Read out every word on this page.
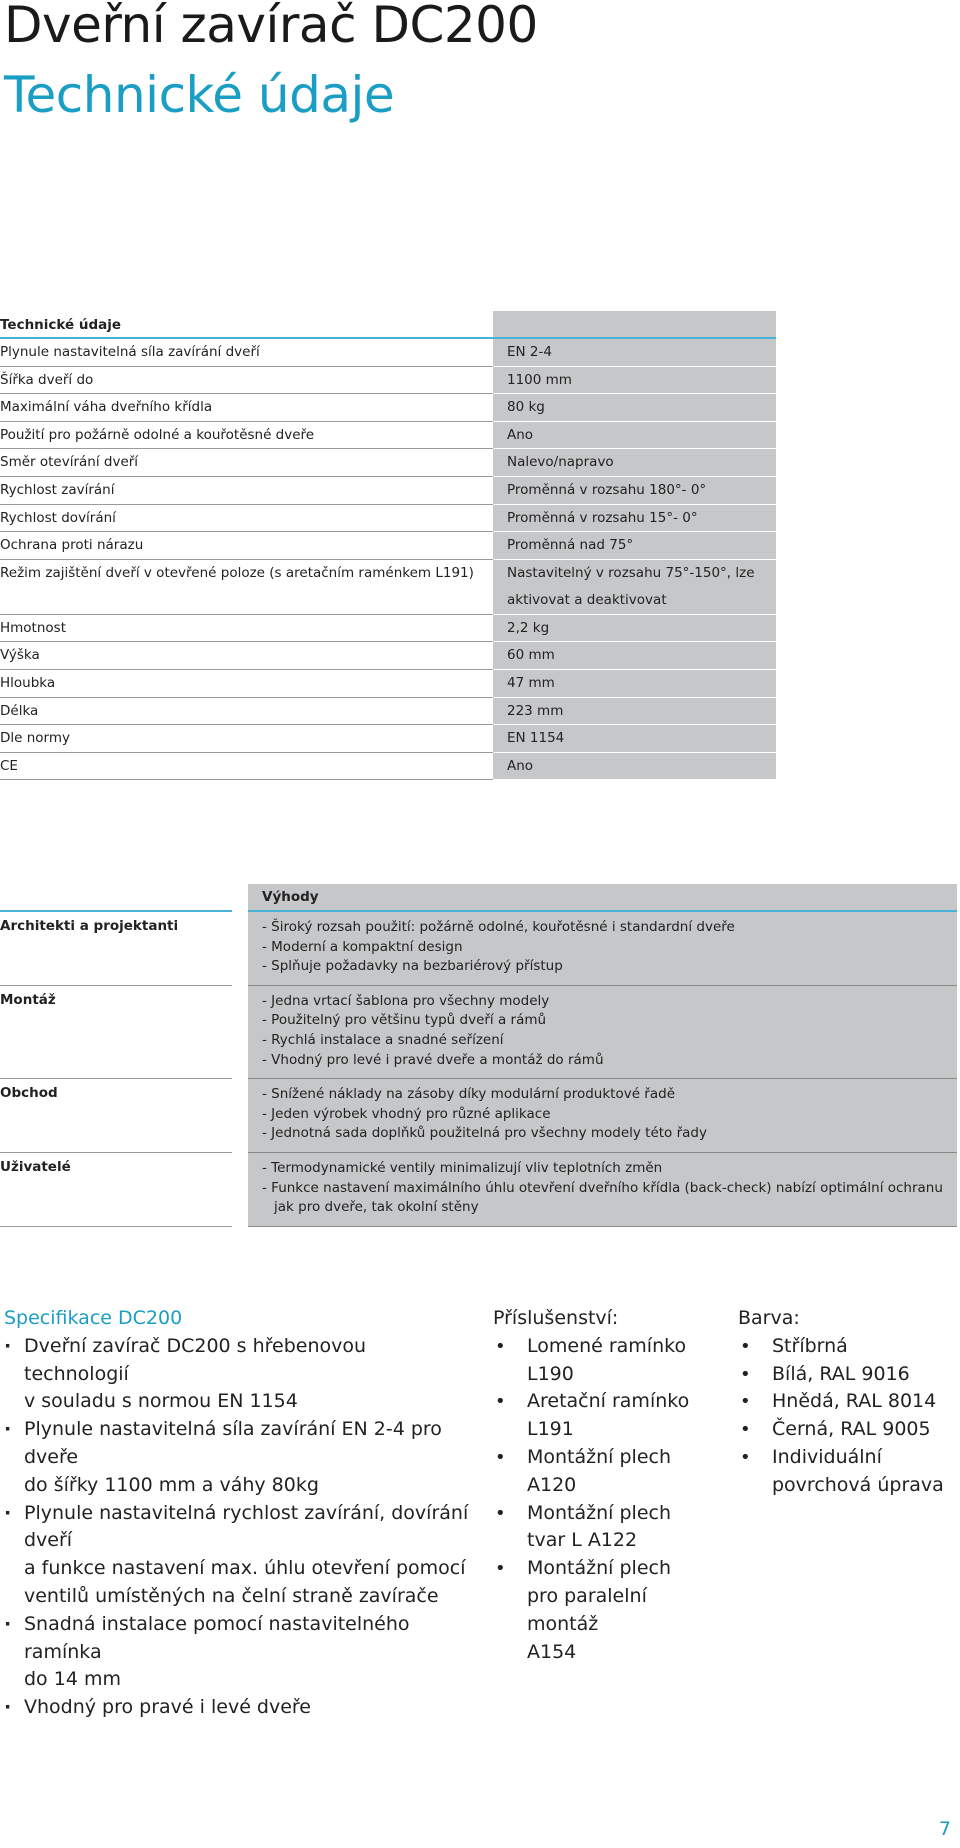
Dveřní zavírač DC200
Technické údaje
Technické údaje
Plynule nastavitelná síla zavírání dveří	EN 2-4
Šířka dveří do	1100 mm
Maximální váha dveřního křídla	80 kg
Použití pro požárně odolné a kouřotěsné dveře	Ano
Směr otevírání dveří	Nalevo/napravo
Rychlost zavírání	Proměnná v rozsahu 180°- 0°
Rychlost dovírání	Proměnná v rozsahu 15°- 0°
Ochrana proti nárazu	Proměnná nad 75°
Režim zajištění dveří v otevřené poloze (s aretačním raménkem L191)	Nastavitelný v rozsahu 75°-150°, lze aktivovat a deaktivovat
Hmotnost	2,2 kg
Výška	60 mm
Hloubka	47 mm
Délka	223 mm
Dle normy	EN 1154
CE	Ano
Výhody
Architekti a projektanti	- Široký rozsah použití: požárně odolné, kouřotěsné i standardní dveře
- Moderní a kompaktní design
- Splňuje požadavky na bezbariérový přístup
Montáž	- Jedna vrtací šablona pro všechny modely
- Použitelný pro většinu typů dveří a rámů
- Rychlá instalace a snadné seřízení
- Vhodný pro levé i pravé dveře a montáž do rámů
Obchod	- Snížené náklady na zásoby díky modulární produktové řadě
- Jeden výrobek vhodný pro různé aplikace
- Jednotná sada doplňků použitelná pro všechny modely této řady
Uživatelé	- Termodynamické ventily minimalizují vliv teplotních změn
- Funkce nastavení maximálního úhlu otevření dveřního křídla (back-check) nabízí optimální ochranu
jak pro dveře, tak okolní stěny
Specifikace DC200
· Dveřní zavírač DC200 s hřebenovou technologií
v souladu s normou EN 1154
· Plynule nastavitelná síla zavírání EN 2-4 pro dveře
do šířky 1100 mm a váhy 80kg
· Plynule nastavitelná rychlost zavírání, dovírání dveří
a funkce nastavení max. úhlu otevření pomocí
ventilů umístěných na čelní straně zavírače
· Snadná instalace pomocí nastavitelného ramínka
do 14 mm
· Vhodný pro pravé i levé dveře
Příslušenství:
• Lomené ramínko
L190
• Aretační ramínko
L191
• Montážní plech A120
• Montážní plech
tvar L A122
• Montážní plech
pro paralelní montáž
A154
Barva:
• Stříbrná
• Bílá, RAL 9016
• Hnědá, RAL 8014
• Černá, RAL 9005
• Individuální
povrchová úprava
7
